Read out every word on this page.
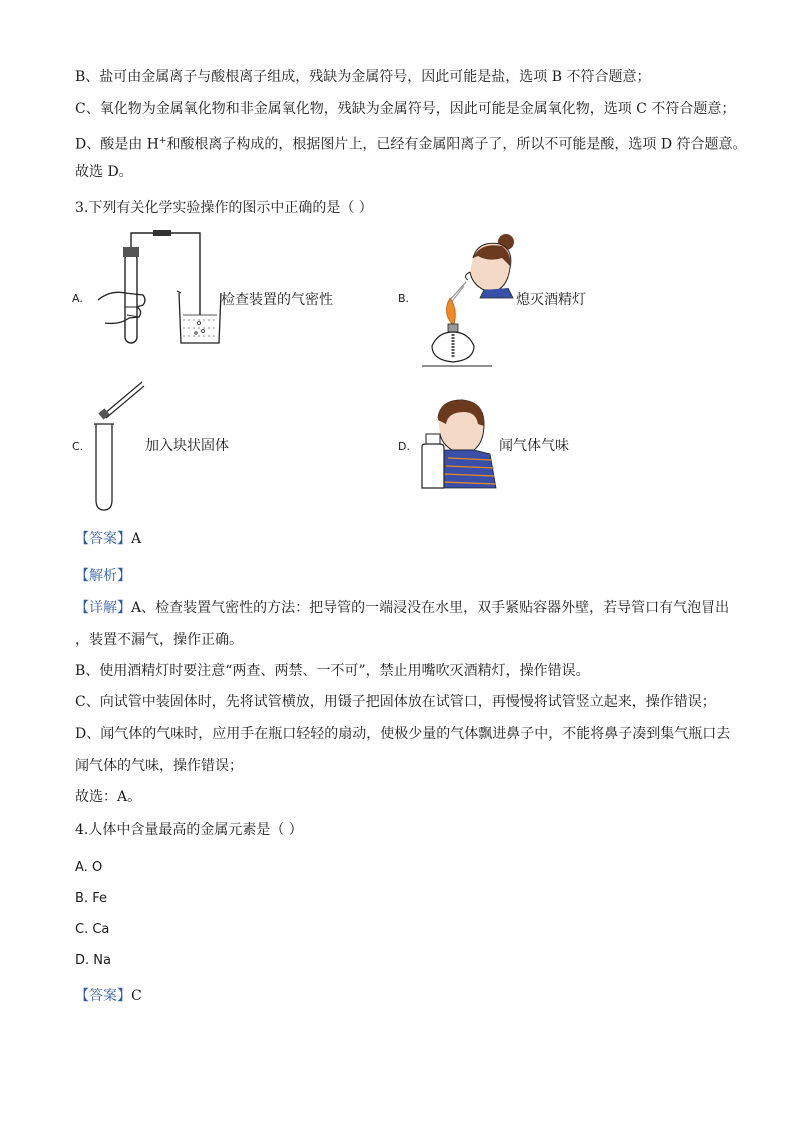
B、盐可由金属离子与酸根离子组成，残缺为金属符号，因此可能是盐，选项 B 不符合题意；
C、氧化物为金属氧化物和非金属氧化物，残缺为金属符号，因此可能是金属氧化物，选项 C 不符合题意；
D、酸是由 H+和酸根离子构成的，根据图片上，已经有金属阳离子了，所以不可能是酸，选项 D 符合题意。
故选 D。
3.下列有关化学实验操作的图示中正确的是（ ）
A.	检查装置的气密性	B.	熄灭酒精灯
C.	加入块状固体	D.	闻气体气味
【答案】A
【解析】
【详解】A、检查装置气密性的方法：把导管的一端浸没在水里，双手紧贴容器外壁，若导管口有气泡冒出
，装置不漏气，操作正确。
B、使用酒精灯时要注意“两查、两禁、一不可”，禁止用嘴吹灭酒精灯，操作错误。
C、向试管中装固体时，先将试管横放，用镊子把固体放在试管口，再慢慢将试管竖立起来，操作错误；
D、闻气体的气味时，应用手在瓶口轻轻的扇动，使极少量的气体飘进鼻子中，不能将鼻子凑到集气瓶口去
闻气体的气味，操作错误；
故选：A。
4.人体中含量最高的金属元素是（ ）
A. O
B. Fe
C. Ca
D. Na
【答案】C
